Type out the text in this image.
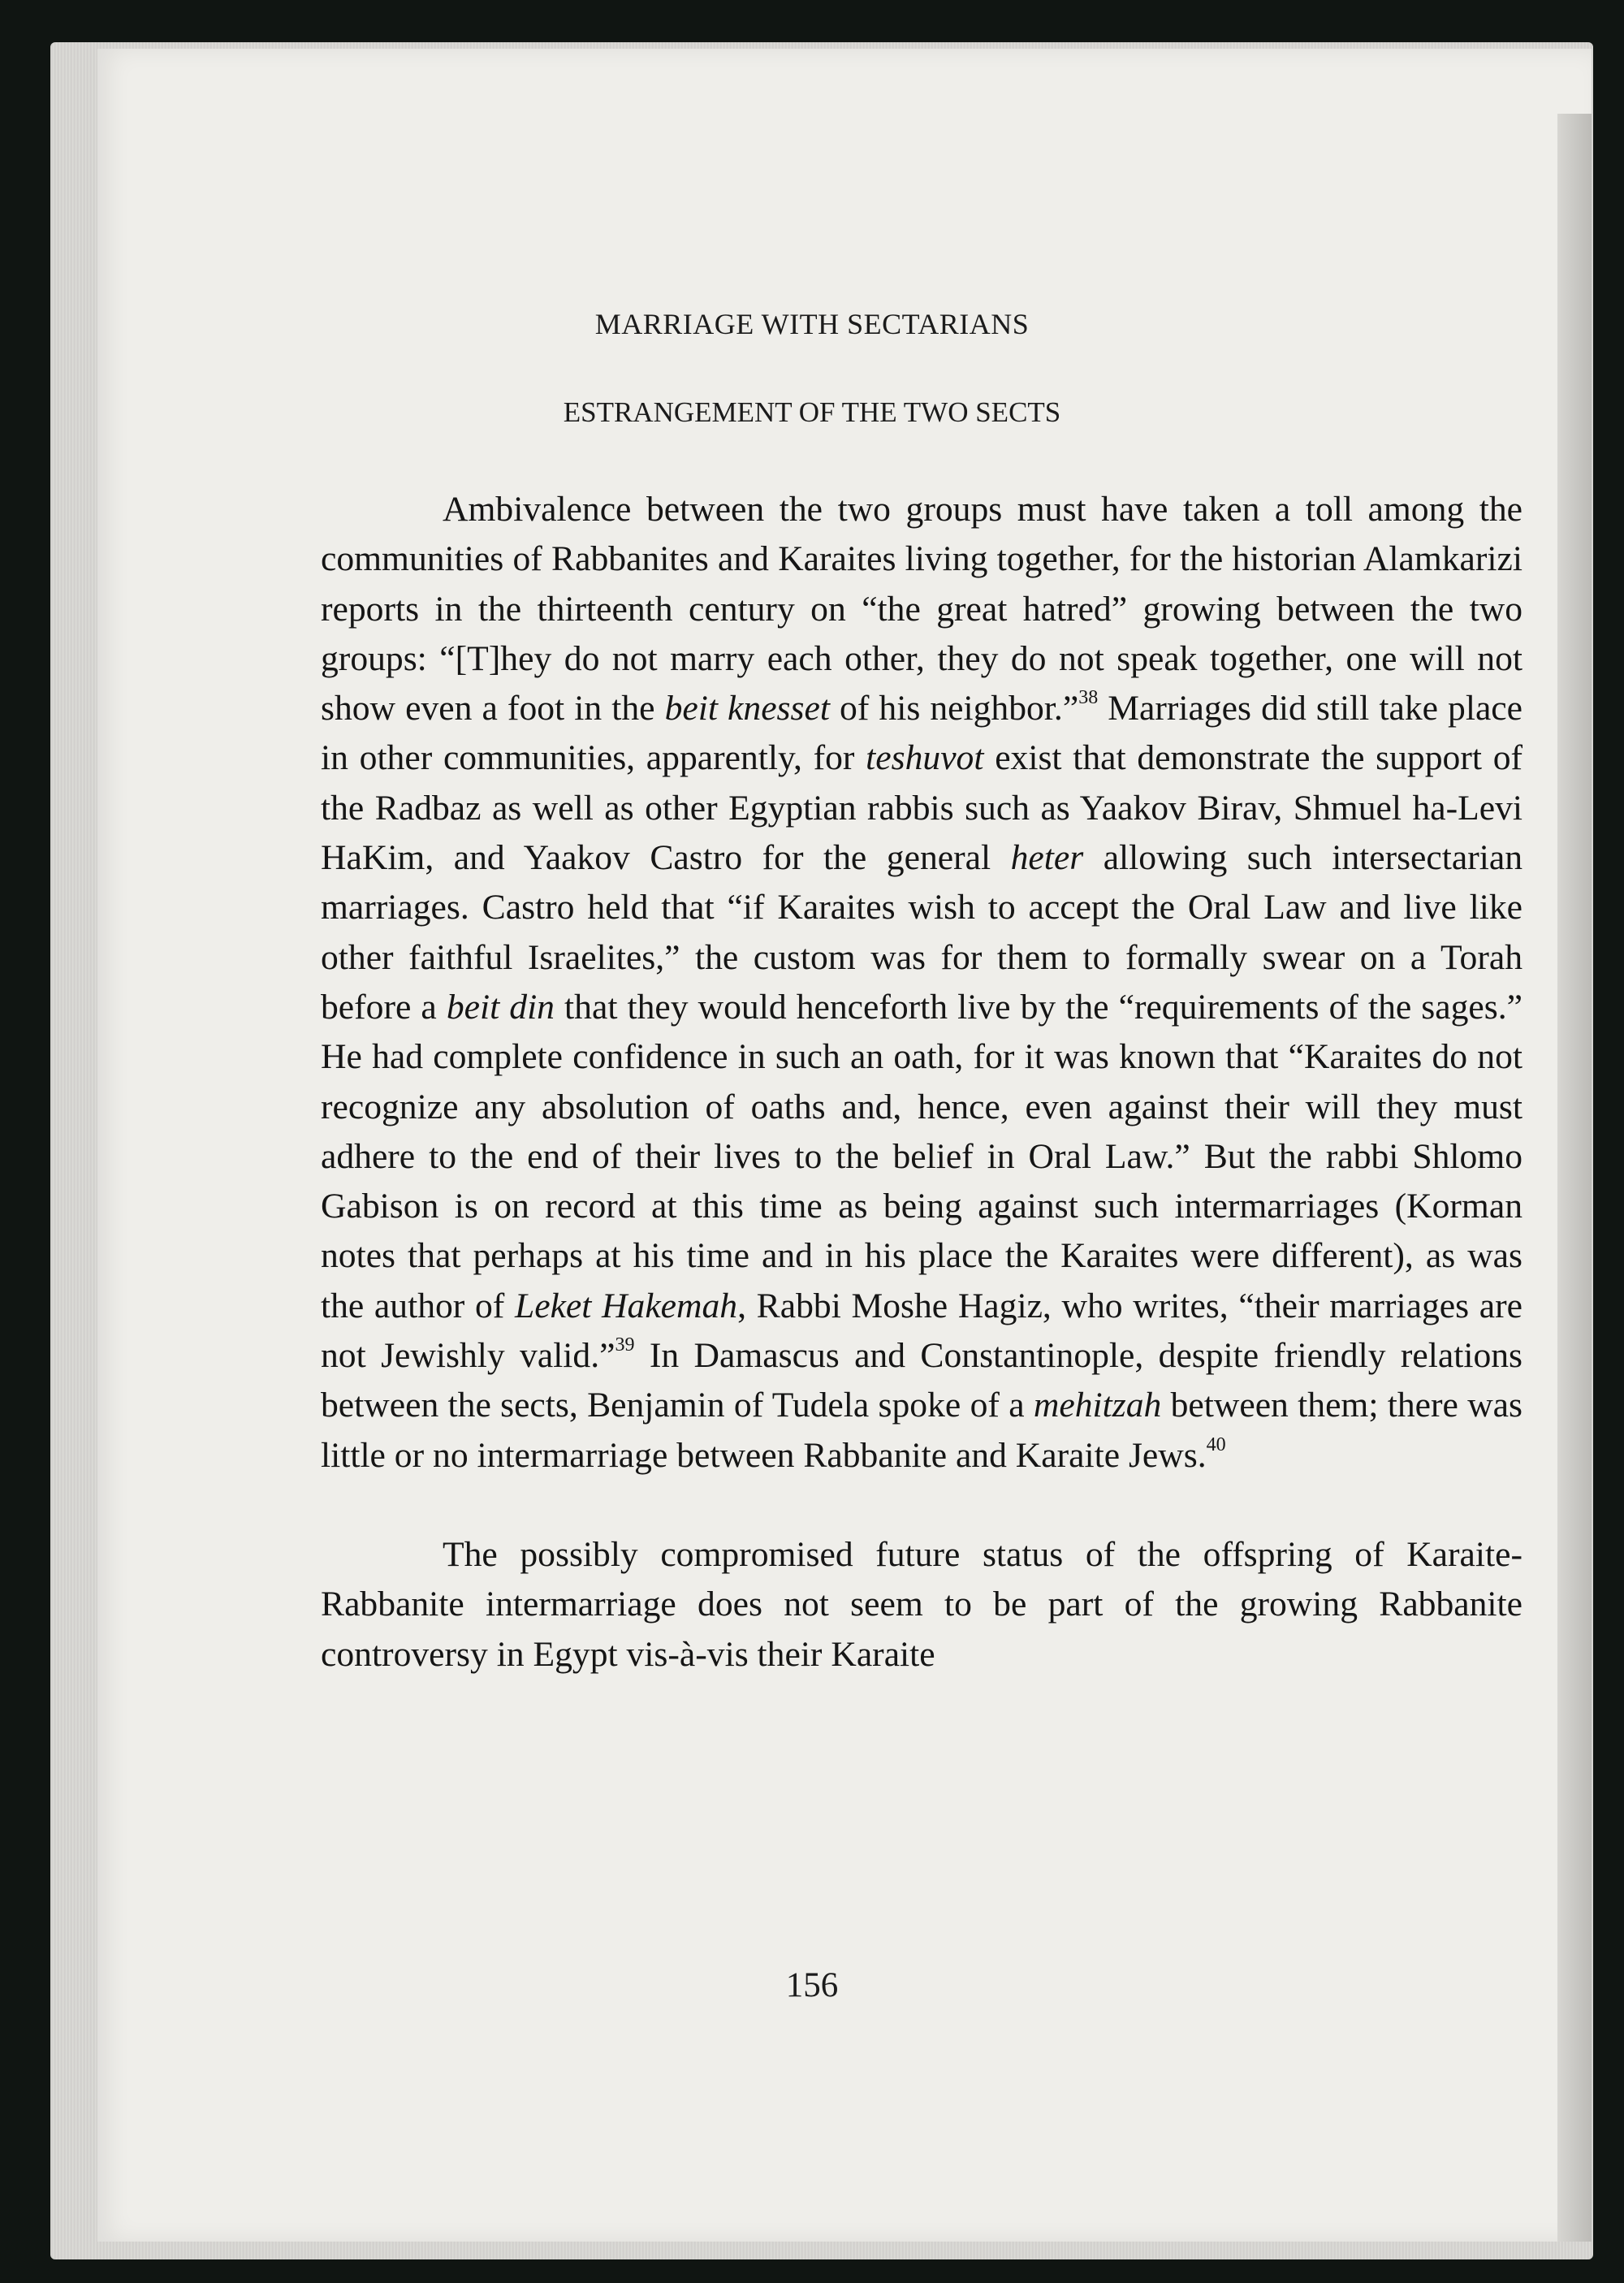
MARRIAGE WITH SECTARIANS
ESTRANGEMENT OF THE TWO SECTS

Ambivalence between the two groups must have taken a toll among the communities of Rabbanites and Karaites living together, for the historian Alamkarizi reports in the thirteenth century on “the great hatred” growing between the two groups: “[T]hey do not marry each other, they do not speak together, one will not show even a foot in the beit knesset of his neighbor.”$^{38}$ Marriages did still take place in other communities, apparently, for teshuvot exist that demonstrate the support of the Radbaz as well as other Egyptian rabbis such as Yaakov Birav, Shmuel ha-Levi HaKim, and Yaakov Castro for the general heter allowing such intersectarian marriages. Castro held that “if Karaites wish to accept the Oral Law and live like other faithful Israelites,” the custom was for them to formally swear on a Torah before a beit din that they would henceforth live by the “requirements of the sages.” He had complete confidence in such an oath, for it was known that “Karaites do not recognize any absolution of oaths and, hence, even against their will they must adhere to the end of their lives to the belief in Oral Law.” But the rabbi Shlomo Gabison is on record at this time as being against such intermarriages (Korman notes that perhaps at his time and in his place the Karaites were different), as was the author of Leket Hakemah, Rabbi Moshe Hagiz, who writes, “their marriages are not Jewishly valid.”$^{39}$ In Damascus and Constantinople, despite friendly relations between the sects, Benjamin of Tudela spoke of a mehitzah between them; there was little or no intermarriage between Rabbanite and Karaite Jews.$^{40}$

The possibly compromised future status of the offspring of Karaite-Rabbanite intermarriage does not seem to be part of the growing Rabbanite controversy in Egypt vis-à-vis their Karaite

156
